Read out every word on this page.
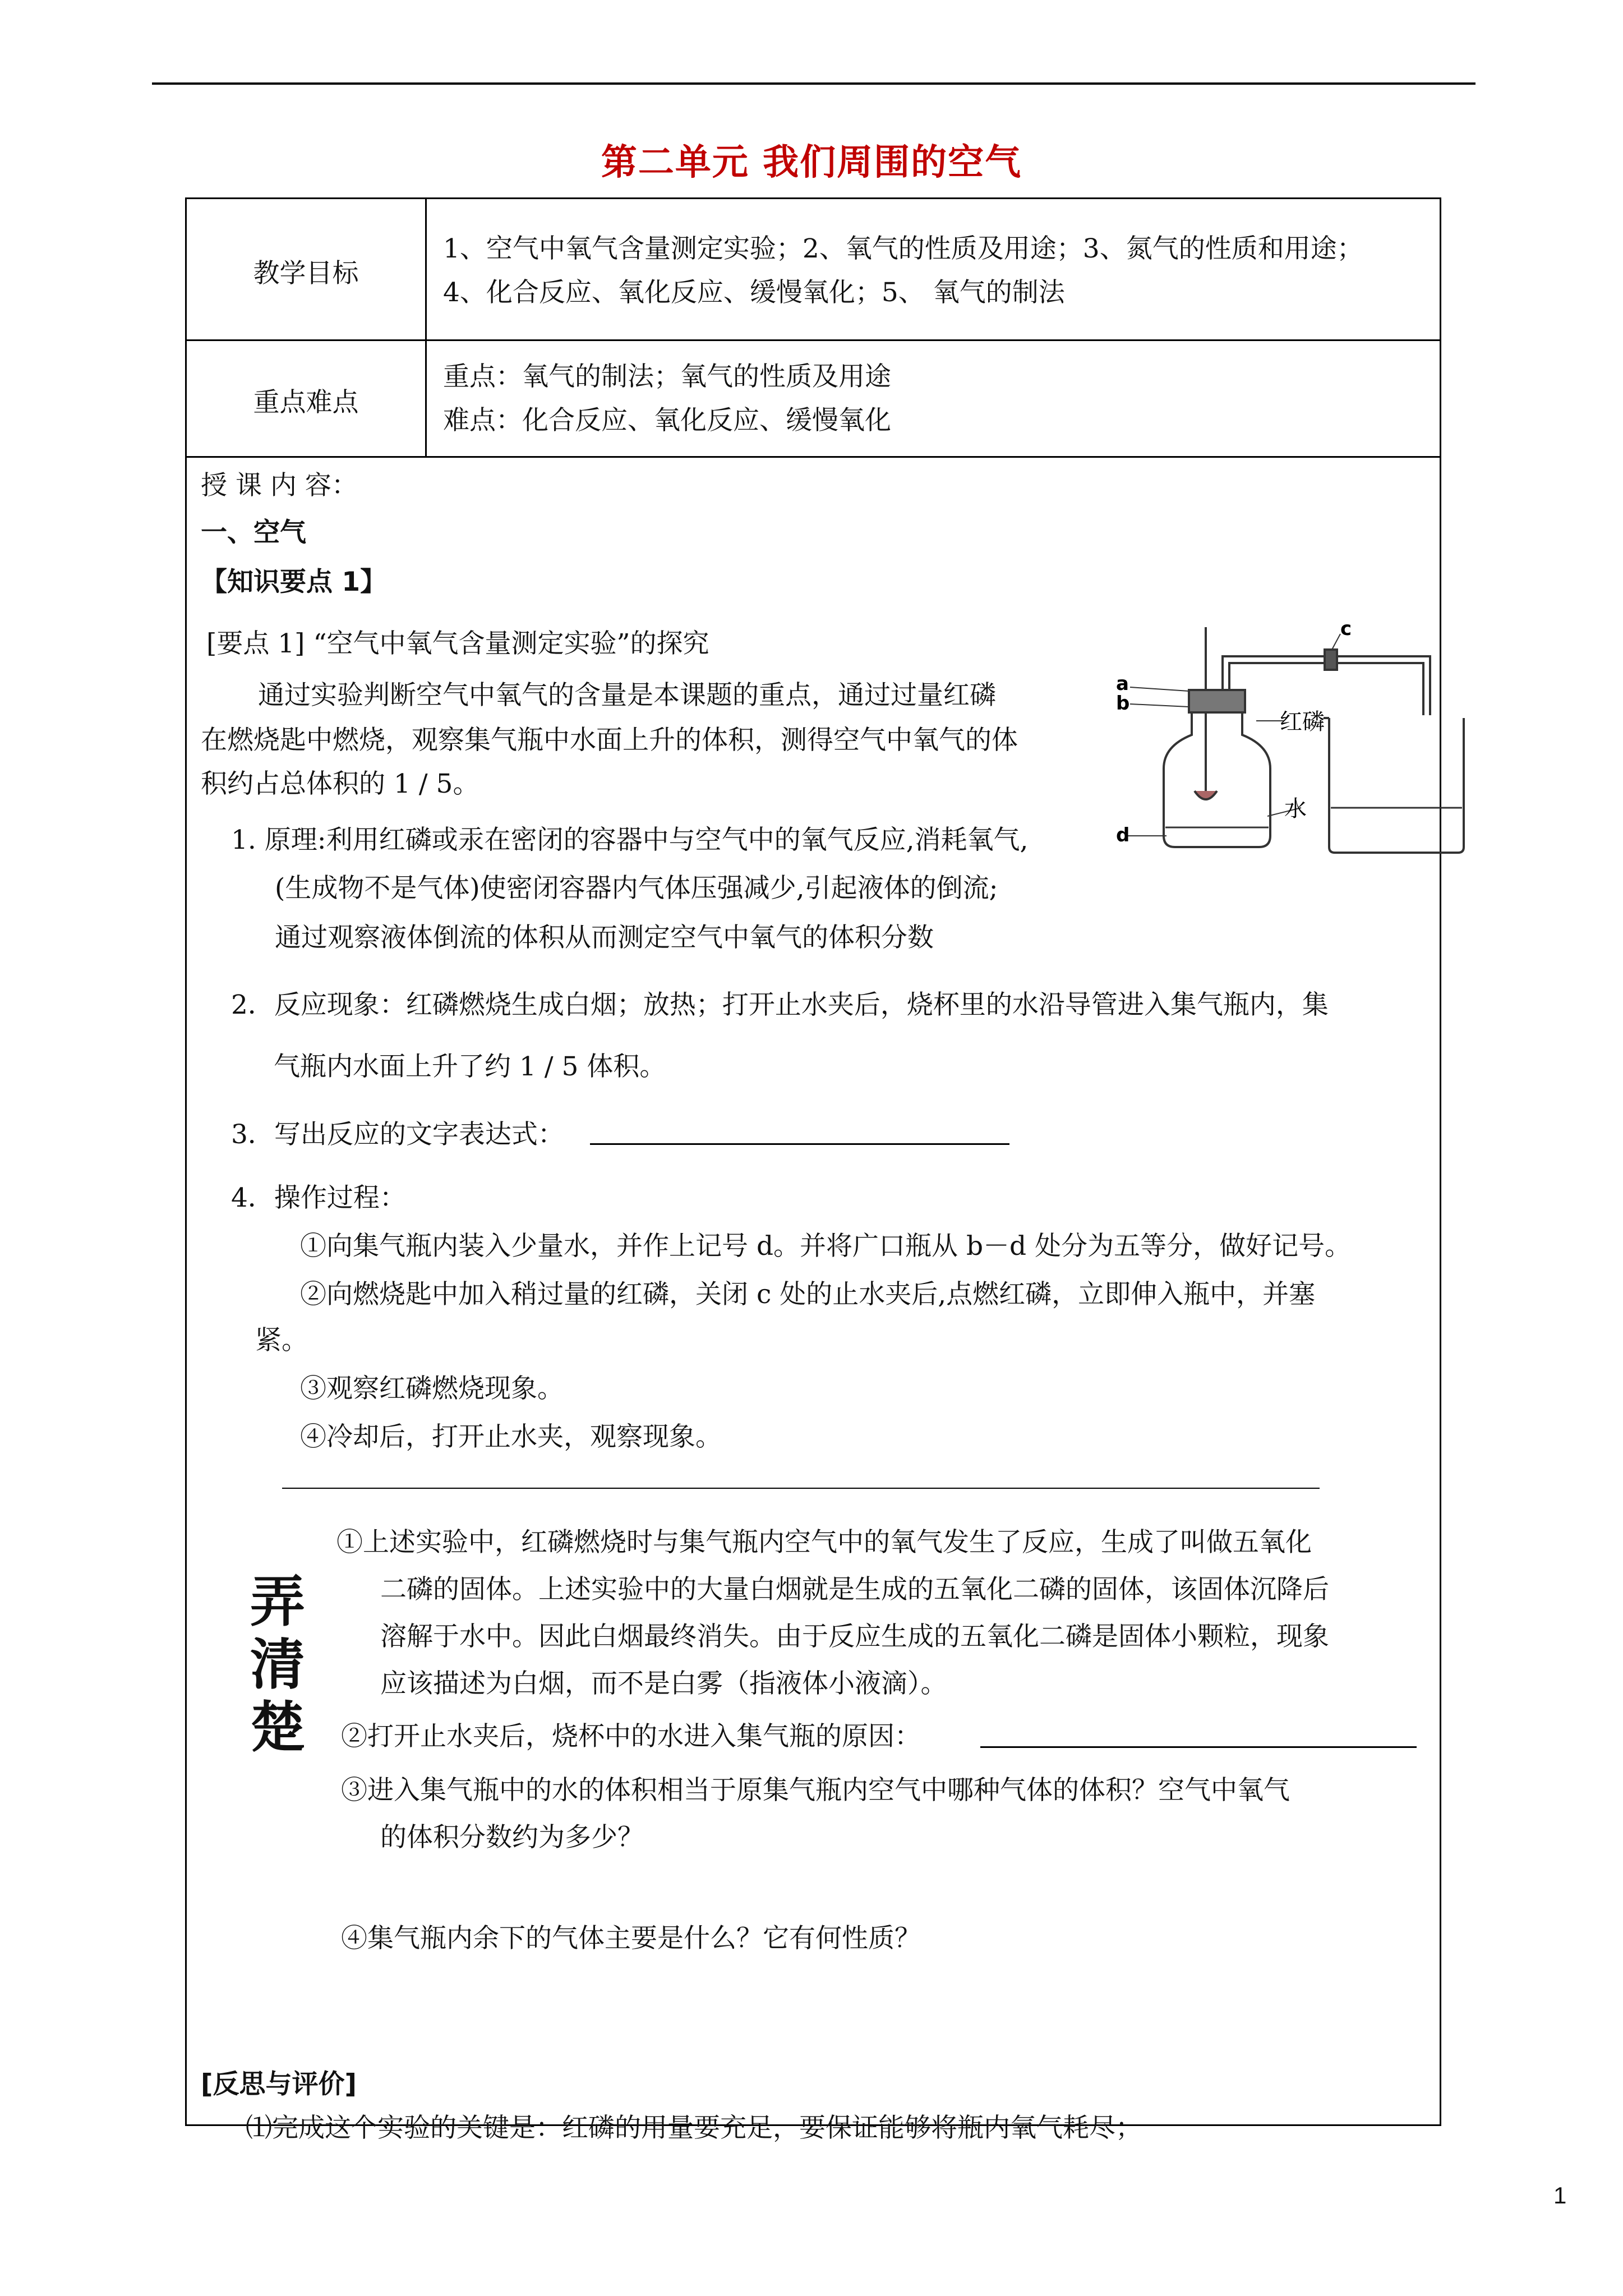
第二单元 我们周围的空气
教学目标
1、空气中氧气含量测定实验；2、氧气的性质及用途；3、氮气的性质和用途；
4、化合反应、氧化反应、缓慢氧化；5、 氧气的制法
重点难点
重点：氧气的制法；氧气的性质及用途
难点：化合反应、氧化反应、缓慢氧化
授 课 内 容：
一、空气
【知识要点 1】
[要点 1] “空气中氧气含量测定实验”的探究
通过实验判断空气中氧气的含量是本课题的重点，通过过量红磷
在燃烧匙中燃烧，观察集气瓶中水面上升的体积，测得空气中氧气的体
积约占总体积的 1 / 5。
1. 原理:利用红磷或汞在密闭的容器中与空气中的氧气反应,消耗氧气,
(生成物不是气体)使密闭容器内气体压强减少,引起液体的倒流;
通过观察液体倒流的体积从而测定空气中氧气的体积分数
2．反应现象：红磷燃烧生成白烟；放热；打开止水夹后，烧杯里的水沿导管进入集气瓶内，集
气瓶内水面上升了约 1 / 5 体积。
3．写出反应的文字表达式：
4．操作过程：
①向集气瓶内装入少量水，并作上记号 d。并将广口瓶从 b－d 处分为五等分，做好记号。
②向燃烧匙中加入稍过量的红磷，关闭 c 处的止水夹后,点燃红磷，立即伸入瓶中，并塞
紧。
③观察红磷燃烧现象。
④冷却后，打开止水夹，观察现象。
弄
清
楚
①上述实验中，红磷燃烧时与集气瓶内空气中的氧气发生了反应，生成了叫做五氧化
二磷的固体。上述实验中的大量白烟就是生成的五氧化二磷的固体，该固体沉降后
溶解于水中。因此白烟最终消失。由于反应生成的五氧化二磷是固体小颗粒，现象
应该描述为白烟，而不是白雾（指液体小液滴）。
②打开止水夹后，烧杯中的水进入集气瓶的原因：
③进入集气瓶中的水的体积相当于原集气瓶内空气中哪种气体的体积？空气中氧气
的体积分数约为多少？
④集气瓶内余下的气体主要是什么？它有何性质？
[反思与评价]
⑴完成这个实验的关键是：红磷的用量要充足，要保证能够将瓶内氧气耗尽；
a
b
c
d
红磷
水
1
